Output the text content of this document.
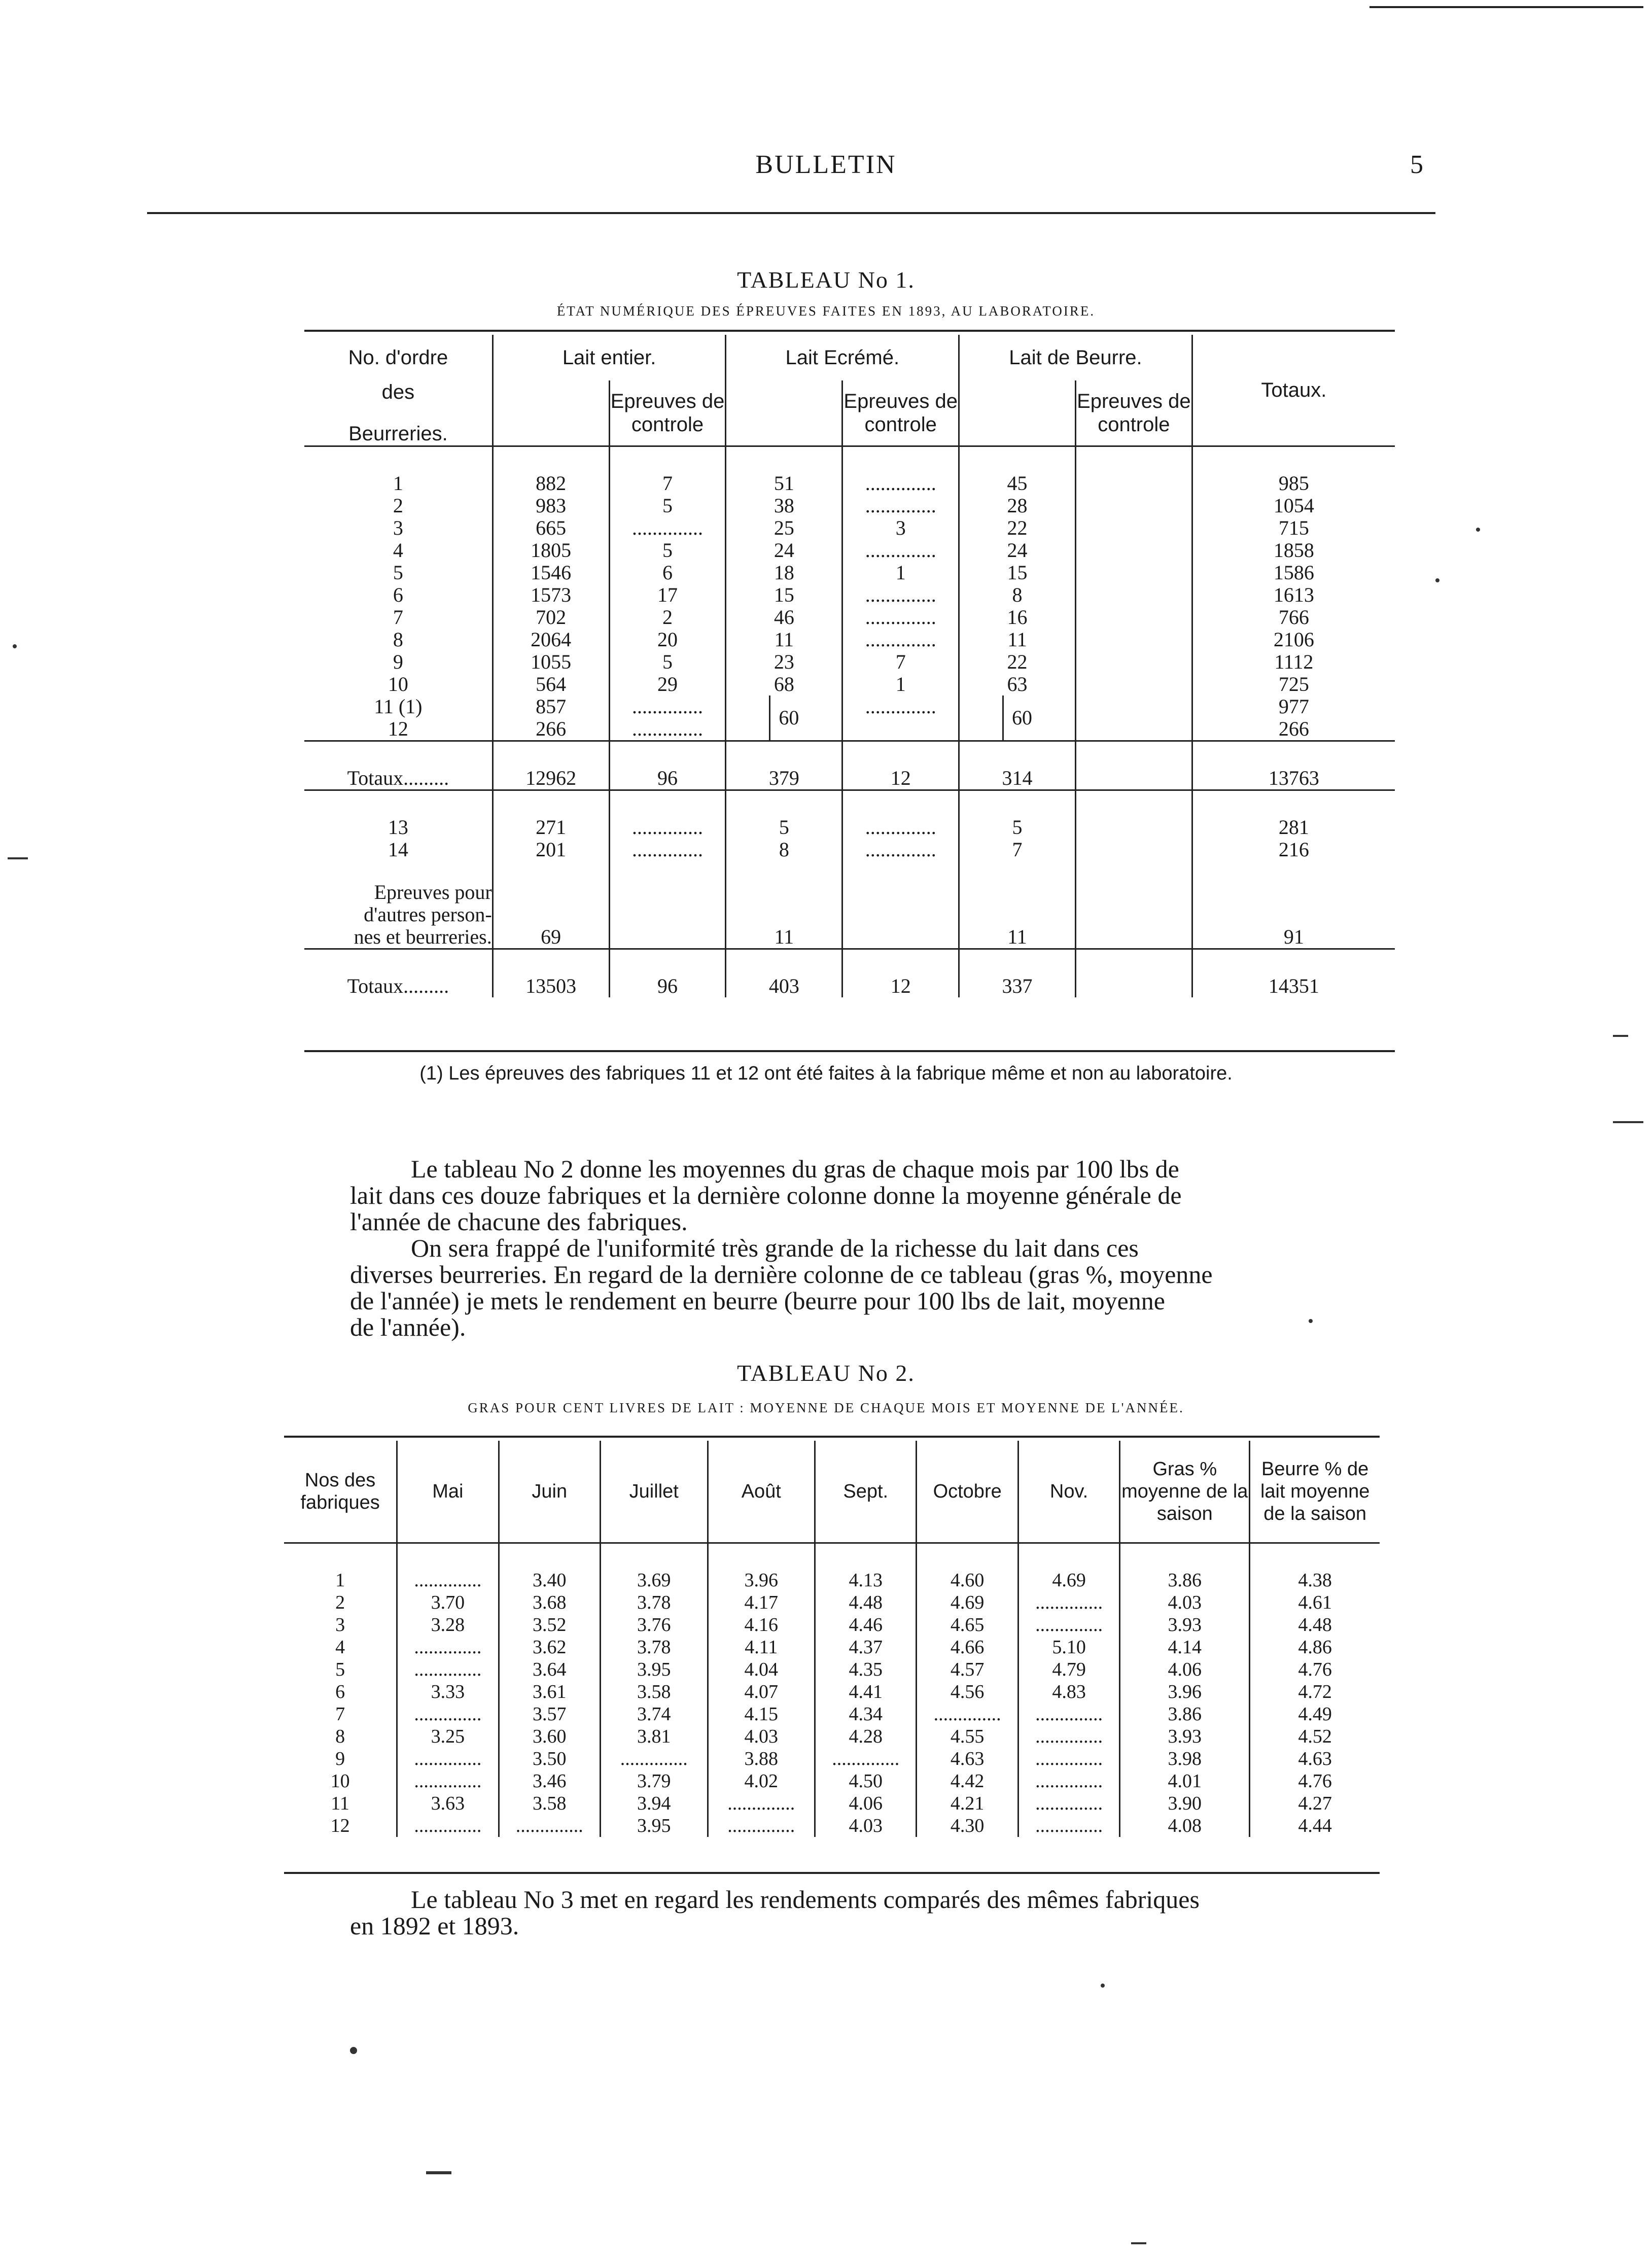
BULLETIN	5
TABLEAU No 1.
ÉTAT NUMÉRIQUE DES ÉPREUVES FAITES EN 1893, AU LABORATOIRE.
No. d'ordre	Lait entier.		Lait Ecrémé.		Lait de Beurre.		Totaux.

des
Beurreries.		Epreuves de controle		Epreuves de controle		Epreuves de controle	

1	882	7	51	..............	45		985
2	983	5	38	..............	28		1054
3	665	..............	25	3	22		715
4	1805	5	24	..............	24		1858
5	1546	6	18	1	15		1586
6	1573	17	15	..............	8		1613
7	702	2	46	..............	16		766
8	2064	20	11	..............	11		2106
9	1055	5	23	7	22		1112
10	564	29	68	1	63		725
11 (1)	857	..............	60	..............	60		977
12	266	..............					266

Totaux.........	12962	96	379	12	314		13763

13	271	..............	5	..............	5		281
14	201	..............	8	..............	7		216

Epreuves pour
d'autres person-
nes et beurreries.	69		11		11		91

Totaux.........	13503	96	403	12	337		14351
(1) Les épreuves des fabriques 11 et 12 ont été faites à la fabrique même et non au laboratoire.
Le tableau No 2 donne les moyennes du gras de chaque mois par 100 lbs de
lait dans ces douze fabriques et la dernière colonne donne la moyenne générale de
l'année de chacune des fabriques.
On sera frappé de l'uniformité très grande de la richesse du lait dans ces
diverses beurreries. En regard de la dernière colonne de ce tableau (gras %, moyenne
de l'année) je mets le rendement en beurre (beurre pour 100 lbs de lait, moyenne
de l'année).
TABLEAU No 2.
GRAS POUR CENT LIVRES DE LAIT : MOYENNE DE CHAQUE MOIS ET MOYENNE DE L'ANNÉE.
Nos des fabriques	Mai	Juin	Juillet	Août	Sept.	Octobre	Nov.	Gras % moyenne de la saison	Beurre % de lait moyenne de la saison

1	..............	3.40	3.69	3.96	4.13	4.60	4.69	3.86	4.38
2	3.70	3.68	3.78	4.17	4.48	4.69	..............	4.03	4.61
3	3.28	3.52	3.76	4.16	4.46	4.65	..............	3.93	4.48
4	..............	3.62	3.78	4.11	4.37	4.66	5.10	4.14	4.86
5	..............	3.64	3.95	4.04	4.35	4.57	4.79	4.06	4.76
6	3.33	3.61	3.58	4.07	4.41	4.56	4.83	3.96	4.72
7	..............	3.57	3.74	4.15	4.34	..............	..............	3.86	4.49
8	3.25	3.60	3.81	4.03	4.28	4.55	..............	3.93	4.52
9	..............	3.50	..............	3.88	..............	4.63	..............	3.98	4.63
10	..............	3.46	3.79	4.02	4.50	4.42	..............	4.01	4.76
11	3.63	3.58	3.94	..............	4.06	4.21	..............	3.90	4.27
12	..............	..............	3.95	..............	4.03	4.30	..............	4.08	4.44
Le tableau No 3 met en regard les rendements comparés des mêmes fabriques
en 1892 et 1893.
